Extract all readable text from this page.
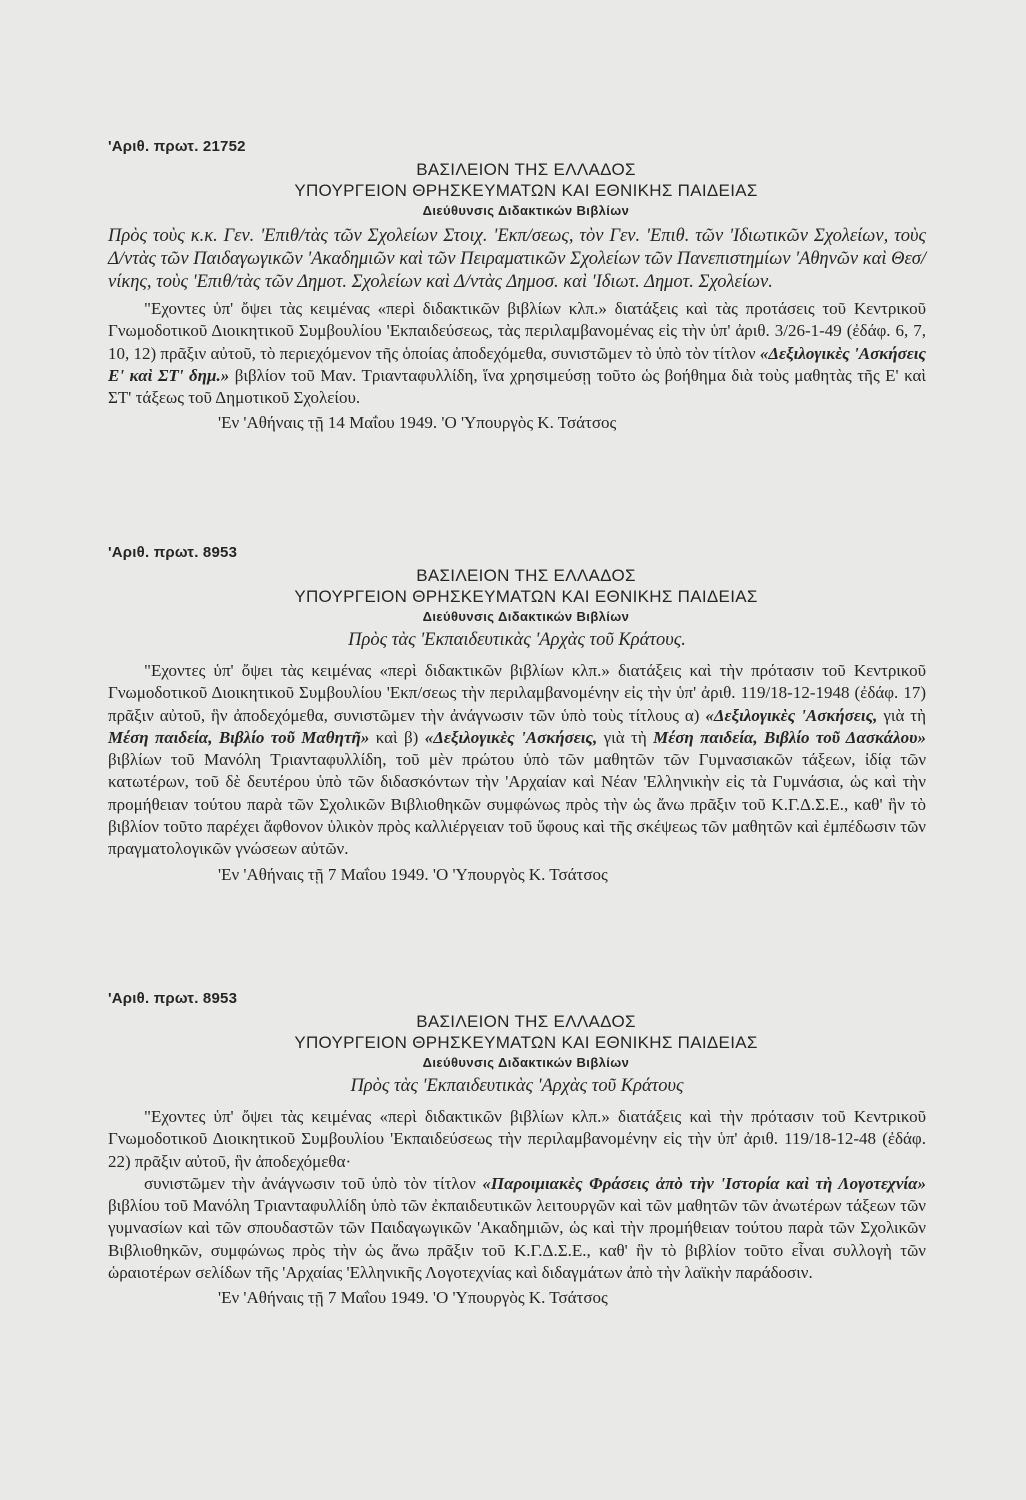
'Αριθ. πρωτ. 21752
ΒΑΣΙΛΕΙΟΝ ΤΗΣ ΕΛΛΑΔΟΣ
ΥΠΟΥΡΓΕΙΟΝ ΘΡΗΣΚΕΥΜΑΤΩΝ ΚΑΙ ΕΘΝΙΚΗΣ ΠΑΙΔΕΙΑΣ
Διεύθυνσις Διδακτικών Βιβλίων

Πρὸς τοὺς κ.κ. Γεν. 'Επιθ/τὰς τῶν Σχολείων Στοιχ. 'Εκπ/σεως, τὸν Γεν. 'Επιθ. τῶν 'Ιδιωτικῶν Σχολείων, τοὺς Δ/ντὰς τῶν Παιδαγωγικῶν 'Ακαδημιῶν καὶ τῶν Πειραματικῶν Σχολείων τῶν Πανεπιστημίων 'Αθηνῶν καὶ Θεσ/νίκης, τοὺς 'Επιθ/τὰς τῶν Δημοτ. Σχολείων καὶ Δ/ντὰς Δημοσ. καὶ 'Ιδιωτ. Δημοτ. Σχολείων.

"Εχοντες ὑπ' ὄψει τὰς κειμένας «περὶ διδακτικῶν βιβλίων κλπ.» διατάξεις καὶ τὰς προτάσεις τοῦ Κεντρικοῦ Γνωμοδοτικοῦ Διοικητικοῦ Συμβουλίου 'Εκπαιδεύσεως, τὰς περιλαμβανομένας εἰς τὴν ὑπ' ἀριθ. 3/26-1-49 (ἐδάφ. 6, 7, 10, 12) πρᾶξιν αὐτοῦ, τὸ περιεχόμενον τῆς ὁποίας ἀποδεχόμεθα, συνιστῶμεν τὸ ὑπὸ τὸν τίτλον «Δεξιλογικὲς 'Ασκήσεις Ε' καὶ ΣΤ' δημ.» βιβλίον τοῦ Μαν. Τριανταφυλλίδη, ἵνα χρησιμεύσῃ τοῦτο ὡς βοήθημα διὰ τοὺς μαθητὰς τῆς Ε' καὶ ΣΤ' τάξεως τοῦ Δημοτικοῦ Σχολείου.

'Εν 'Αθήναις τῇ 14 Μαΐου 1949. 'Ο 'Υπουργὸς Κ. Τσάτσος
'Αριθ. πρωτ. 8953
ΒΑΣΙΛΕΙΟΝ ΤΗΣ ΕΛΛΑΔΟΣ
ΥΠΟΥΡΓΕΙΟΝ ΘΡΗΣΚΕΥΜΑΤΩΝ ΚΑΙ ΕΘΝΙΚΗΣ ΠΑΙΔΕΙΑΣ
Διεύθυνσις Διδακτικών Βιβλίων

Πρὸς τὰς 'Εκπαιδευτικὰς 'Αρχὰς τοῦ Κράτους.

"Εχοντες ὑπ' ὄψει τὰς κειμένας «περὶ διδακτικῶν βιβλίων κλπ.» διατάξεις καὶ τὴν πρότασιν τοῦ Κεντρικοῦ Γνωμοδοτικοῦ Διοικητικοῦ Συμβουλίου 'Εκπ/σεως τὴν περιλαμβανομένην εἰς τὴν ὑπ' ἀριθ. 119/18-12-1948 (ἐδάφ. 17) πρᾶξιν αὐτοῦ, ἣν ἀποδεχόμεθα, συνιστῶμεν τὴν ἀνάγνωσιν τῶν ὑπὸ τοὺς τίτλους α) «Δεξιλογικὲς 'Ασκήσεις, γιὰ τὴ Μέση παιδεία, Βιβλίο τοῦ Μαθητῆ» καὶ β) «Δεξιλογικὲς 'Ασκήσεις, γιὰ τὴ Μέση παιδεία, Βιβλίο τοῦ Δασκάλου» βιβλίων τοῦ Μανόλη Τριανταφυλλίδη, τοῦ μὲν πρώτου ὑπὸ τῶν μαθητῶν τῶν Γυμνασιακῶν τάξεων, ἰδίᾳ τῶν κατωτέρων, τοῦ δὲ δευτέρου ὑπὸ τῶν διδασκόντων τὴν 'Αρχαίαν καὶ Νέαν 'Ελληνικὴν εἰς τὰ Γυμνάσια, ὡς καὶ τὴν προμήθειαν τούτου παρὰ τῶν Σχολικῶν Βιβλιοθηκῶν συμφώνως πρὸς τὴν ὡς ἄνω πρᾶξιν τοῦ Κ.Γ.Δ.Σ.Ε., καθ' ἣν τὸ βιβλίον τοῦτο παρέχει ἄφθονον ὑλικὸν πρὸς καλλιέργειαν τοῦ ὕφους καὶ τῆς σκέψεως τῶν μαθητῶν καὶ ἐμπέδωσιν τῶν πραγματολογικῶν γνώσεων αὐτῶν.

'Εν 'Αθήναις τῇ 7 Μαΐου 1949. 'Ο 'Υπουργὸς Κ. Τσάτσος
'Αριθ. πρωτ. 8953
ΒΑΣΙΛΕΙΟΝ ΤΗΣ ΕΛΛΑΔΟΣ
ΥΠΟΥΡΓΕΙΟΝ ΘΡΗΣΚΕΥΜΑΤΩΝ ΚΑΙ ΕΘΝΙΚΗΣ ΠΑΙΔΕΙΑΣ
Διεύθυνσις Διδακτικών Βιβλίων

Πρὸς τὰς 'Εκπαιδευτικὰς 'Αρχὰς τοῦ Κράτους

"Εχοντες ὑπ' ὄψει τὰς κειμένας «περὶ διδακτικῶν βιβλίων κλπ.» διατάξεις καὶ τὴν πρότασιν τοῦ Κεντρικοῦ Γνωμοδοτικοῦ Διοικητικοῦ Συμβουλίου 'Εκπαιδεύσεως τὴν περιλαμβανομένην εἰς τὴν ὑπ' ἀριθ. 119/18-12-48 (ἐδάφ. 22) πρᾶξιν αὐτοῦ, ἣν ἀποδεχόμεθα·

συνιστῶμεν τὴν ἀνάγνωσιν τοῦ ὑπὸ τὸν τίτλον «Παροιμιακὲς Φράσεις ἀπὸ τὴν 'Ιστορία καὶ τὴ Λογοτεχνία» βιβλίου τοῦ Μανόλη Τριανταφυλλίδη ὑπὸ τῶν ἐκπαιδευτικῶν λειτουργῶν καὶ τῶν μαθητῶν τῶν ἀνωτέρων τάξεων τῶν γυμνασίων καὶ τῶν σπουδαστῶν τῶν Παιδαγωγικῶν 'Ακαδημιῶν, ὡς καὶ τὴν προμήθειαν τούτου παρὰ τῶν Σχολικῶν Βιβλιοθηκῶν, συμφώνως πρὸς τὴν ὡς ἄνω πρᾶξιν τοῦ Κ.Γ.Δ.Σ.Ε., καθ' ἣν τὸ βιβλίον τοῦτο εἶναι συλλογὴ τῶν ὡραιοτέρων σελίδων τῆς 'Αρχαίας 'Ελληνικῆς Λογοτεχνίας καὶ διδαγμάτων ἀπὸ τὴν λαϊκὴν παράδοσιν.

'Εν 'Αθήναις τῇ 7 Μαΐου 1949. 'Ο 'Υπουργὸς Κ. Τσάτσος
